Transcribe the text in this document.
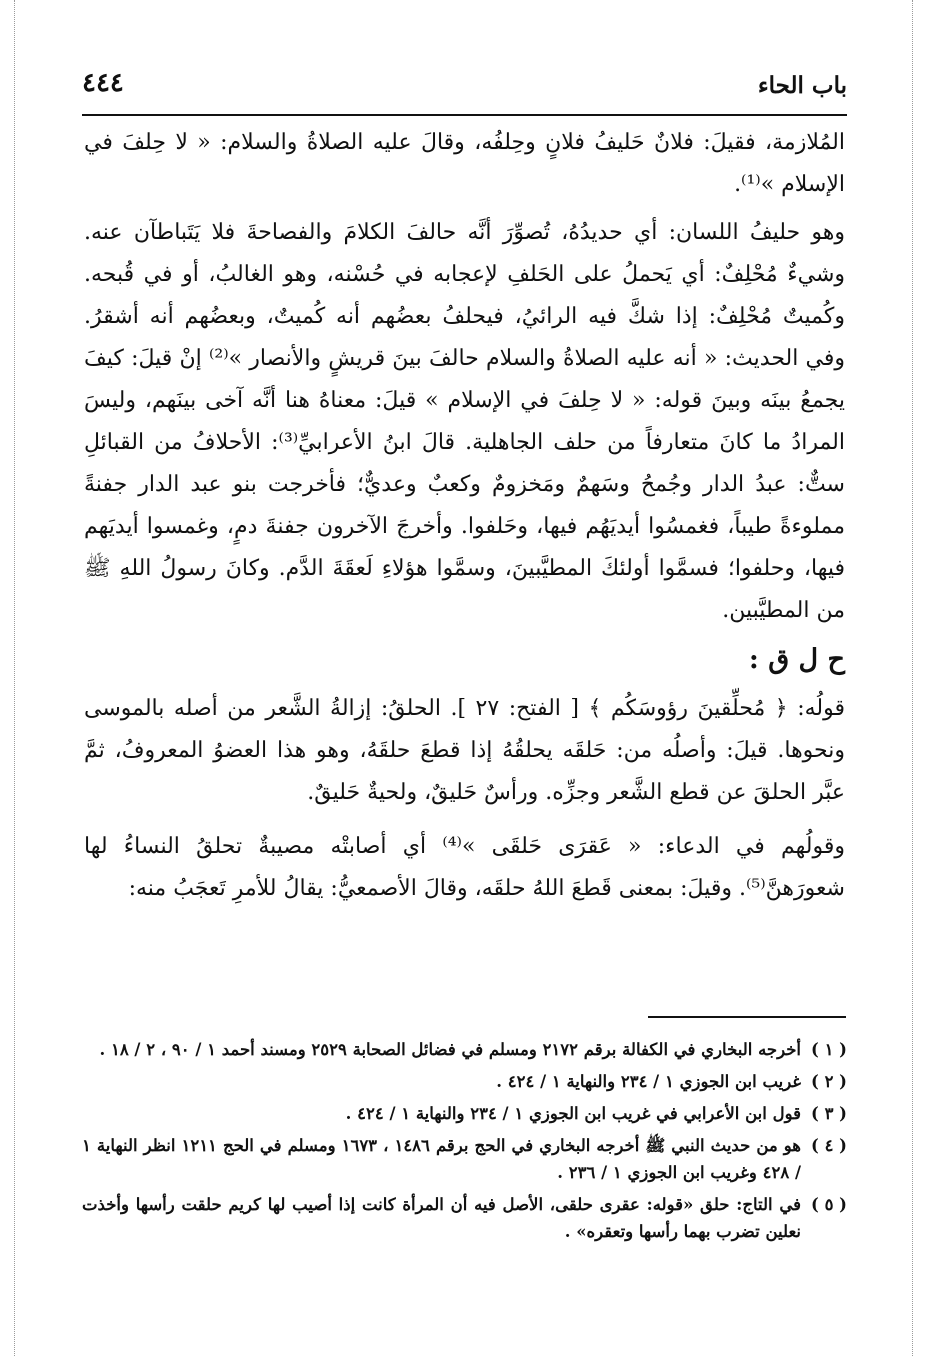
باب الحاء
٤٤٤

المُلازمة، فقيلَ: فلانٌ حَليفُ فلانٍ وحِلفُه، وقالَ عليه الصلاةُ والسلام: « لا حِلفَ في الإسلام »⁽¹⁾.

وهو حليفُ اللسان: أي حديدُهُ، تُصوِّرَ أنَّه حالفَ الكلامَ والفصاحةَ فلا يَتَباطآن عنه. وشيءٌ مُحْلِفٌ: أي يَحملُ على الحَلفِ لإعجابه في حُسْنه، وهو الغالبُ، أو في قُبحه. وكُميتٌ مُحْلِفٌ: إذا شكَّ فيه الرائيُ، فيحلفُ بعضُهم أنه كُميتٌ، وبعضُهم أنه أشقرُ. وفي الحديث: « أنه عليه الصلاةُ والسلام حالفَ بينَ قريشٍ والأنصار »⁽²⁾ إنْ قيلَ: كيفَ يجمعُ بينَه وبينَ قوله: « لا حِلفَ في الإسلام » قيلَ: معناهُ هنا أنَّه آخى بينَهم، وليسَ المرادُ ما كانَ متعارفاً من حلف الجاهلية. قالَ ابنُ الأعرابيِّ⁽³⁾: الأحلافُ من القبائلِ ستٌّ: عبدُ الدار وجُمحُ وسَهمٌ ومَخزومٌ وكعبٌ وعديٌّ؛ فأخرجت بنو عبد الدار جفنةً مملوءةً طيباً، فغمسُوا أيديَهُم فيها، وحَلفوا. وأخرجَ الآخرون جفنةَ دمٍ، وغمسوا أيديَهم فيها، وحلفوا؛ فسمَّوا أولئكَ المطيَّبينَ، وسمَّوا هؤلاءِ لَعقَةَ الدَّم. وكانَ رسولُ اللهِ ﷺ من المطيَّبين.

ح ل ق :

قولُه: ﴿ مُحلِّقينَ رؤوسَكُم ﴾ [ الفتح: ٢٧ ]. الحلقُ: إزالةُ الشَّعر من أصله بالموسى ونحوها. قيلَ: وأصلُه من: حَلقَه يحلقُهُ إذا قطعَ حلقَهُ، وهو هذا العضوُ المعروفُ، ثمَّ عبَّر الحلقَ عن قطع الشَّعر وجزِّه. ورأسٌ حَليقٌ، ولحيةٌ حَليقٌ.

وقولُهم في الدعاء: « عَقرَى حَلقَى »⁽⁴⁾ أي أصابتْه مصيبةٌ تحلقُ النساءُ لها شعورَهنَّ⁽⁵⁾. وقيلَ: بمعنى قَطعَ اللهُ حلقَه، وقالَ الأصمعيُّ: يقالُ للأمرِ تَعجَبُ منه:

( ١ )
أخرجه البخاري في الكفالة برقم ٢١٧٢ ومسلم في فضائل الصحابة ٢٥٢٩ ومسند أحمد ١ / ٩٠ ، ٢ / ١٨ .
( ٢ )
غريب ابن الجوزي ١ / ٢٣٤ والنهاية ١ / ٤٢٤ .
( ٣ )
قول ابن الأعرابي في غريب ابن الجوزي ١ / ٢٣٤ والنهاية ١ / ٤٢٤ .
( ٤ )
هو من حديث النبي ﷺ أخرجه البخاري في الحج برقم ١٤٨٦ ، ١٦٧٣ ومسلم في الحج ١٢١١ انظر النهاية ١ / ٤٢٨ وغريب ابن الجوزي ١ / ٢٣٦ .
( ٥ )
في التاج: حلق «قوله: عقرى حلقى، الأصل فيه أن المرأة كانت إذا أصيب لها كريم حلقت رأسها وأخذت نعلين تضرب بهما رأسها وتعقره» .
